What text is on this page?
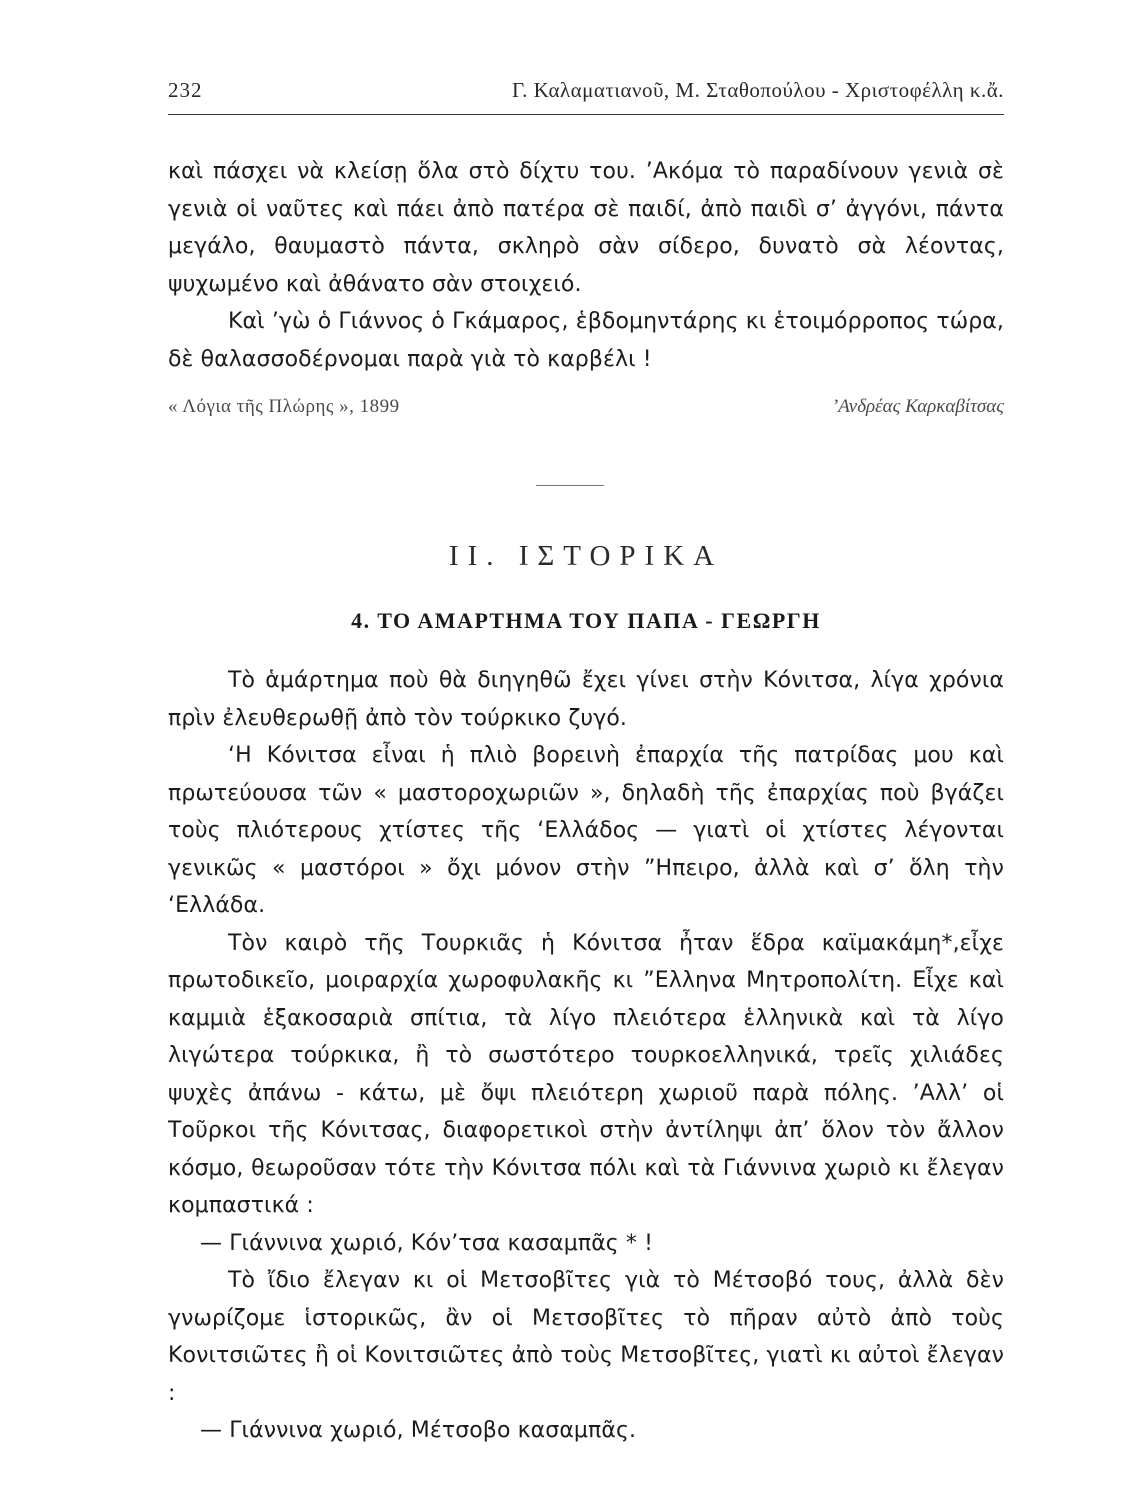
232	Γ. Καλαματιανοῦ, Μ. Σταθοπούλου - Χριστοφέλλη κ.ἄ.

καὶ πάσχει νὰ κλείσῃ ὅλα στὸ δίχτυ του. ’Ακόμα τὸ παραδίνουν γενιὰ σὲ γενιὰ οἱ ναῦτες καὶ πάει ἀπὸ πατέρα σὲ παιδί, ἀπὸ παιδὶ σ’ ἀγγόνι, πάντα μεγάλο, θαυμαστὸ πάντα, σκληρὸ σὰν σίδερο, δυνατὸ σὰ λέοντας, ψυχωμένο καὶ ἀθάνατο σὰν στοιχειό.

Καὶ ’γὼ ὁ Γιάννος ὁ Γκάμαρος, ἑβδομηντάρης κι ἑτοιμόρροπος τώρα, δὲ θαλασσοδέρνομαι παρὰ γιὰ τὸ καρβέλι !

« Λόγια τῆς Πλώρης », 1899	’Ανδρέας Καρκαβίτσας
II. ΙΣΤΟΡΙΚΑ
4. ΤΟ ΑΜΑΡΤΗΜΑ ΤΟΥ ΠΑΠΑ - ΓΕΩΡΓΗ

Τὸ ἁμάρτημα ποὺ θὰ διηγηθῶ ἔχει γίνει στὴν Κόνιτσα, λίγα χρόνια πρὶν ἐλευθερωθῇ ἀπὸ τὸν τούρκικο ζυγό.

‘Η Κόνιτσα εἶναι ἡ πλιὸ βορεινὴ ἐπαρχία τῆς πατρίδας μου καὶ πρωτεύουσα τῶν « μαστοροχωριῶν », δηλαδὴ τῆς ἐπαρχίας ποὺ βγάζει τοὺς πλιότερους χτίστες τῆς ‘Ελλάδος — γιατὶ οἱ χτίστες λέγονται γενικῶς « μαστόροι » ὄχι μόνον στὴν ”Ηπειρο, ἀλλὰ καὶ σ’ ὅλη τὴν ‘Ελλάδα.

Τὸν καιρὸ τῆς Τουρκιᾶς ἡ Κόνιτσα ἦταν ἕδρα καϊμακάμη*,εἶχε πρωτοδικεῖο, μοιραρχία χωροφυλακῆς κι ”Ελληνα Μητροπολίτη. Εἶχε καὶ καμμιὰ ἑξακοσαριὰ σπίτια, τὰ λίγο πλειότερα ἑλληνικὰ καὶ τὰ λίγο λιγώτερα τούρκικα, ἢ τὸ σωστότερο τουρκοελληνικά, τρεῖς χιλιάδες ψυχὲς ἀπάνω - κάτω, μὲ ὄψι πλειότερη χωριοῦ παρὰ πόλης. ’Αλλ’ οἱ Τοῦρκοι τῆς Κόνιτσας, διαφορετικοὶ στὴν ἀντίληψι ἀπ’ ὅλον τὸν ἄλλον κόσμο, θεωροῦσαν τότε τὴν Κόνιτσα πόλι καὶ τὰ Γιάννινα χωριὸ κι ἔλεγαν κομπαστικά :

— Γιάννινα χωριό, Κόν’τσα κασαμπᾶς * !

Τὸ ἴδιο ἔλεγαν κι οἱ Μετσοβῖτες γιὰ τὸ Μέτσοβό τους, ἀλλὰ δὲν γνωρίζομε ἱστορικῶς, ἂν οἱ Μετσοβῖτες τὸ πῆραν αὐτὸ ἀπὸ τοὺς Κονιτσιῶτες ἢ οἱ Κονιτσιῶτες ἀπὸ τοὺς Μετσοβῖτες, γιατὶ κι αὐτοὶ ἔλεγαν :

— Γιάννινα χωριό, Μέτσοβο κασαμπᾶς.
